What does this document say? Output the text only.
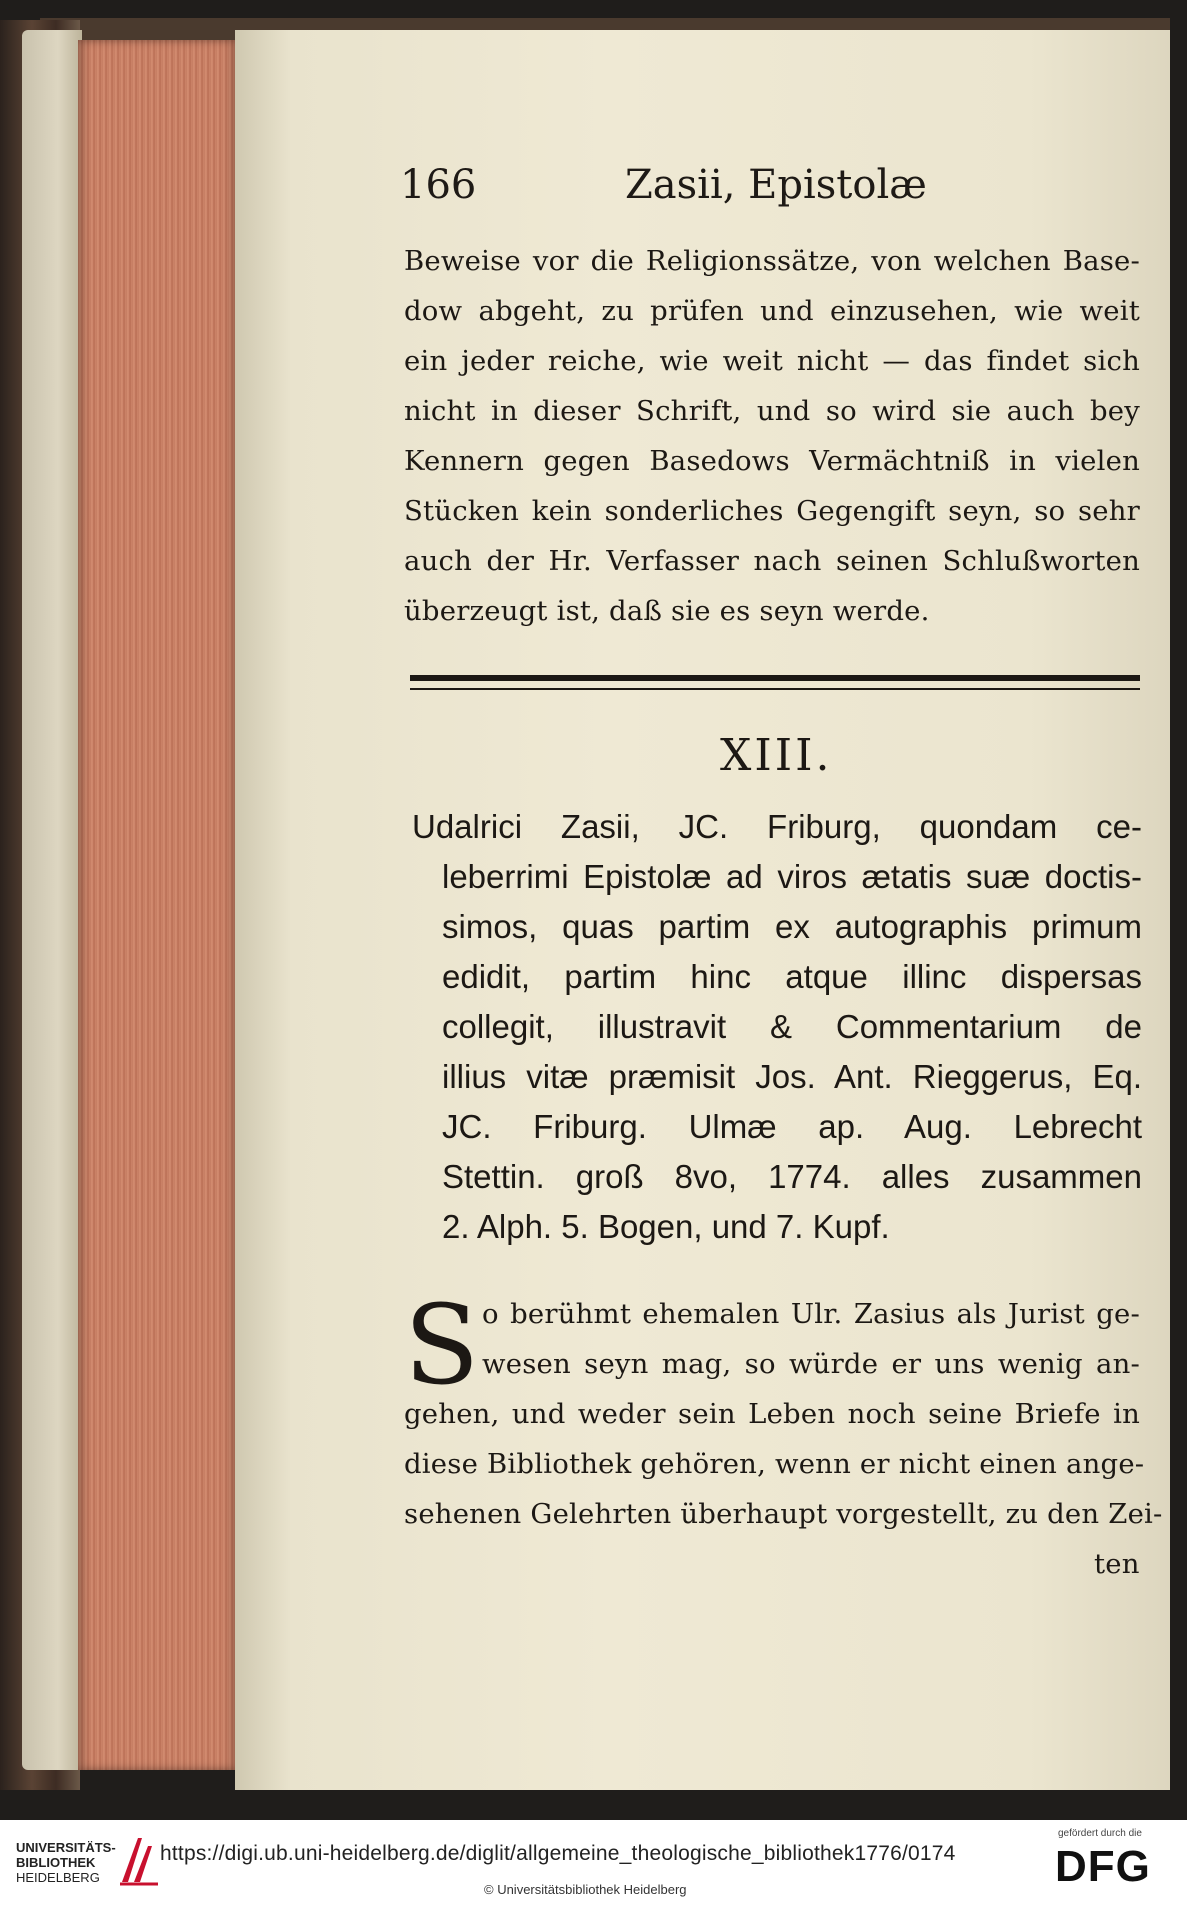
166	Zasii, Epistolæ
Beweise vor die Religionssätze, von welchen Base-
dow abgeht, zu prüfen und einzusehen, wie weit
ein jeder reiche, wie weit nicht — das findet sich
nicht in dieser Schrift, und so wird sie auch bey
Kennern gegen Basedows Vermächtniß in vielen
Stücken kein sonderliches Gegengift seyn, so sehr
auch der Hr. Verfasser nach seinen Schlußworten
überzeugt ist, daß sie es seyn werde.
XIII.
Udalrici Zasii, JC. Friburg, quondam ce-
leberrimi Epistolæ ad viros ætatis suæ doctis-
simos, quas partim ex autographis primum
edidit, partim hinc atque illinc dispersas
collegit, illustravit & Commentarium de
illius vitæ præmisit Jos. Ant. Rieggerus, Eq.
JC. Friburg. Ulmæ ap. Aug. Lebrecht
Stettin. groß 8vo, 1774. alles zusammen
2. Alph. 5. Bogen, und 7. Kupf.
S o berühmt ehemalen Ulr. Zasius als Jurist ge-
wesen seyn mag, so würde er uns wenig an-
gehen, und weder sein Leben noch seine Briefe in
diese Bibliothek gehören, wenn er nicht einen ange-
sehenen Gelehrten überhaupt vorgestellt, zu den Zei-
ten
UNIVERSITÄTS-
BIBLIOTHEK
HEIDELBERG
https://digi.ub.uni-heidelberg.de/diglit/allgemeine_theologische_bibliothek1776/0174
© Universitätsbibliothek Heidelberg
gefördert durch die
DFG
